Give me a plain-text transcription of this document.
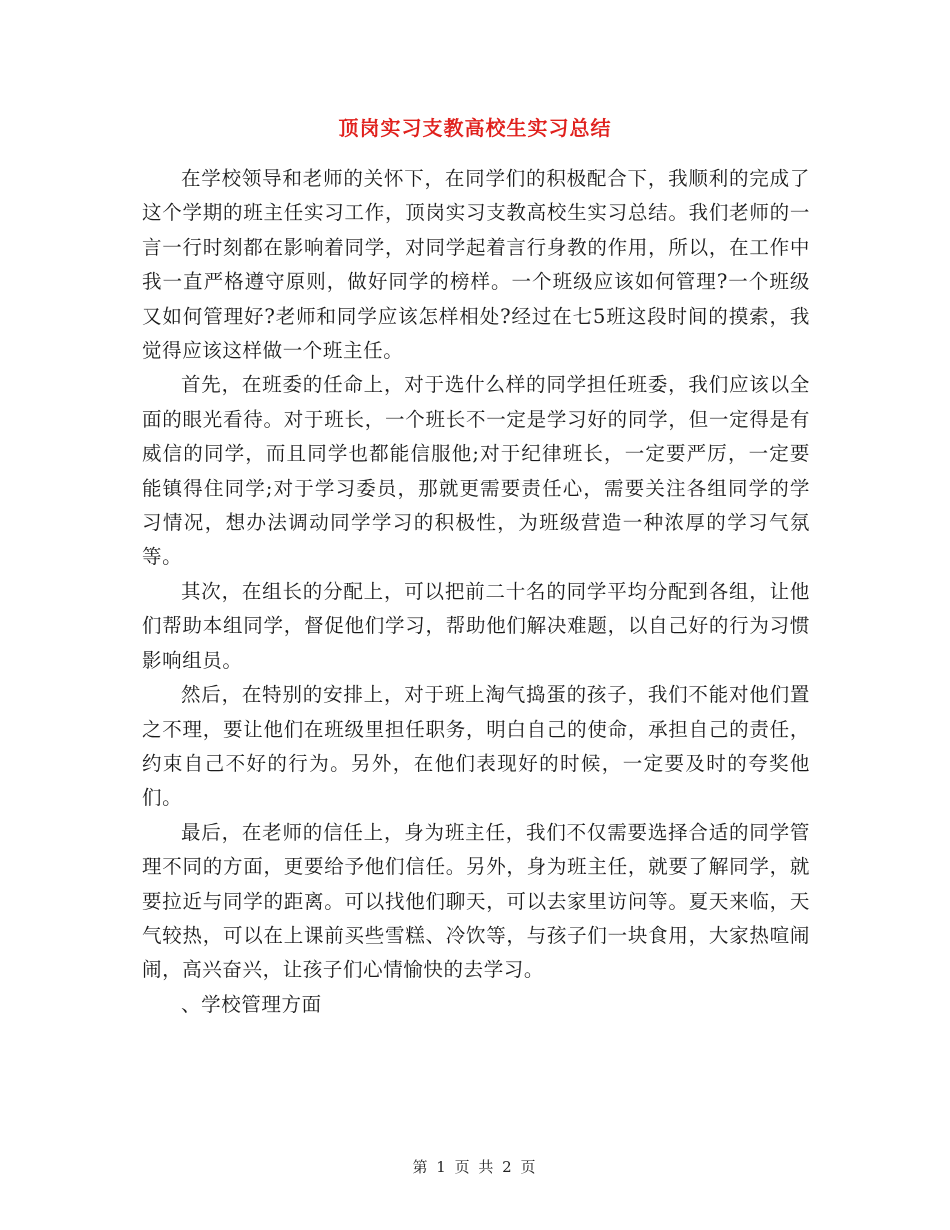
顶岗实习支教高校生实习总结

在学校领导和老师的关怀下，在同学们的积极配合下，我顺利的完成了这个学期的班主任实习工作，顶岗实习支教高校生实习总结。我们老师的一言一行时刻都在影响着同学，对同学起着言行身教的作用，所以，在工作中我一直严格遵守原则，做好同学的榜样。一个班级应该如何管理?一个班级又如何管理好?老师和同学应该怎样相处?经过在七5班这段时间的摸索，我觉得应该这样做一个班主任。

首先，在班委的任命上，对于选什么样的同学担任班委，我们应该以全面的眼光看待。对于班长，一个班长不一定是学习好的同学，但一定得是有威信的同学，而且同学也都能信服他;对于纪律班长，一定要严厉，一定要能镇得住同学;对于学习委员，那就更需要责任心，需要关注各组同学的学习情况，想办法调动同学学习的积极性，为班级营造一种浓厚的学习气氛等。

其次，在组长的分配上，可以把前二十名的同学平均分配到各组，让他们帮助本组同学，督促他们学习，帮助他们解决难题，以自己好的行为习惯影响组员。

然后，在特别的安排上，对于班上淘气捣蛋的孩子，我们不能对他们置之不理，要让他们在班级里担任职务，明白自己的使命，承担自己的责任，约束自己不好的行为。另外，在他们表现好的时候，一定要及时的夸奖他们。

最后，在老师的信任上，身为班主任，我们不仅需要选择合适的同学管理不同的方面，更要给予他们信任。另外，身为班主任，就要了解同学，就要拉近与同学的距离。可以找他们聊天，可以去家里访问等。夏天来临，天气较热，可以在上课前买些雪糕、冷饮等，与孩子们一块食用，大家热喧闹闹，高兴奋兴，让孩子们心情愉快的去学习。

、学校管理方面

第 1 页 共 2 页
